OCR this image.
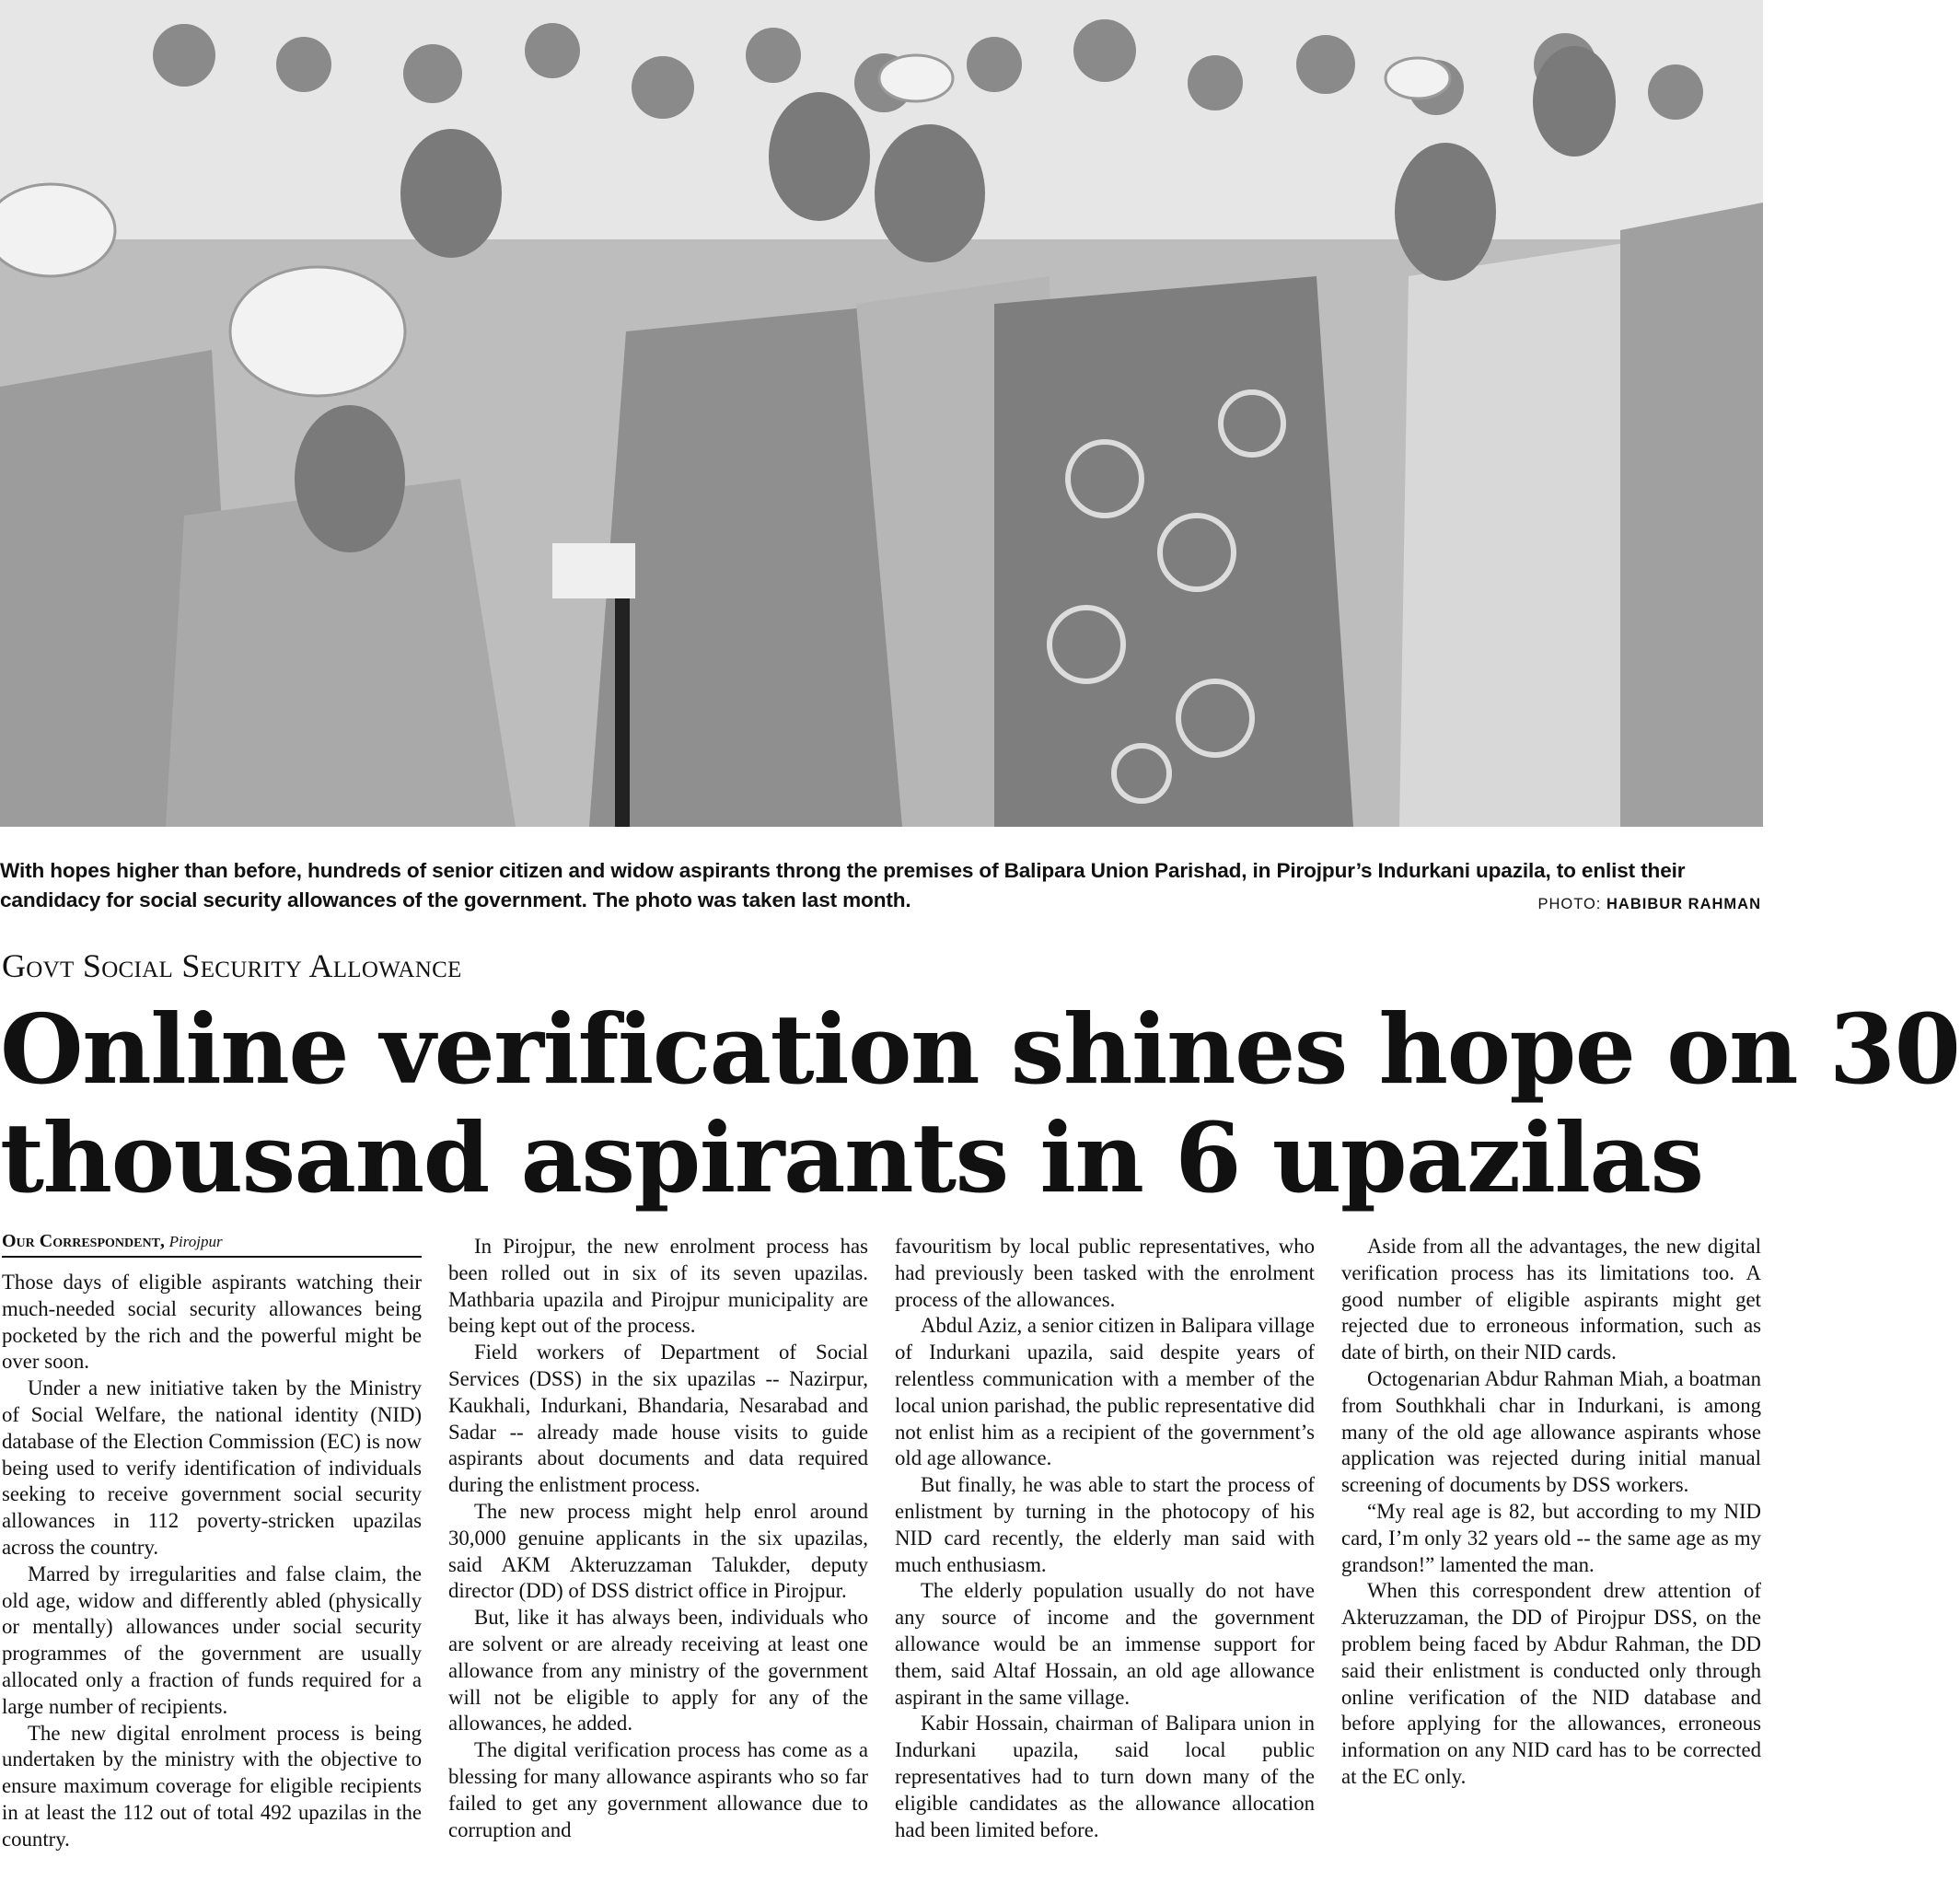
With hopes higher than before, hundreds of senior citizen and widow aspirants throng the premises of Balipara Union Parishad, in Pirojpur’s Indurkani upazila, to enlist their
candidacy for social security allowances of the government. The photo was taken last month.	PHOTO: HABIBUR RAHMAN
Govt Social Security Allowance
Online verification shines hope on 30
thousand aspirants in 6 upazilas
Our Correspondent, Pirojpur

Those days of eligible aspirants watching their much-needed social security allowances being pocketed by the rich and the powerful might be over soon.

Under a new initiative taken by the Ministry of Social Welfare, the national identity (NID) database of the Election Commission (EC) is now being used to verify identification of individuals seeking to receive government social security allowances in 112 poverty-stricken upazilas across the country.

Marred by irregularities and false claim, the old age, widow and differently abled (physically or mentally) allowances under social security programmes of the government are usually allocated only a fraction of funds required for a large number of recipients.

The new digital enrolment process is being undertaken by the ministry with the objective to ensure maximum coverage for eligible recipients in at least the 112 out of total 492 upazilas in the country.

In Pirojpur, the new enrolment process has been rolled out in six of its seven upazilas. Mathbaria upazila and Pirojpur municipality are being kept out of the process.

Field workers of Department of Social Services (DSS) in the six upazilas -- Nazirpur, Kaukhali, Indurkani, Bhandaria, Nesarabad and Sadar -- already made house visits to guide aspirants about documents and data required during the enlistment process.

The new process might help enrol around 30,000 genuine applicants in the six upazilas, said AKM Akteruzzaman Talukder, deputy director (DD) of DSS district office in Pirojpur.

But, like it has always been, individuals who are solvent or are already receiving at least one allowance from any ministry of the government will not be eligible to apply for any of the allowances, he added.

The digital verification process has come as a blessing for many allowance aspirants who so far failed to get any government allowance due to corruption and

favouritism by local public representatives, who had previously been tasked with the enrolment process of the allowances.

Abdul Aziz, a senior citizen in Balipara village of Indurkani upazila, said despite years of relentless communication with a member of the local union parishad, the public representative did not enlist him as a recipient of the government’s old age allowance.

But finally, he was able to start the process of enlistment by turning in the photocopy of his NID card recently, the elderly man said with much enthusiasm.

The elderly population usually do not have any source of income and the government allowance would be an immense support for them, said Altaf Hossain, an old age allowance aspirant in the same village.

Kabir Hossain, chairman of Balipara union in Indurkani upazila, said local public representatives had to turn down many of the eligible candidates as the allowance allocation had been limited before.

Aside from all the advantages, the new digital verification process has its limitations too. A good number of eligible aspirants might get rejected due to erroneous information, such as date of birth, on their NID cards.

Octogenarian Abdur Rahman Miah, a boatman from Southkhali char in Indurkani, is among many of the old age allowance aspirants whose application was rejected during initial manual screening of documents by DSS workers.

“My real age is 82, but according to my NID card, I’m only 32 years old -- the same age as my grandson!” lamented the man.

When this correspondent drew attention of Akteruzzaman, the DD of Pirojpur DSS, on the problem being faced by Abdur Rahman, the DD said their enlistment is conducted only through online verification of the NID database and before applying for the allowances, erroneous information on any NID card has to be corrected at the EC only.
